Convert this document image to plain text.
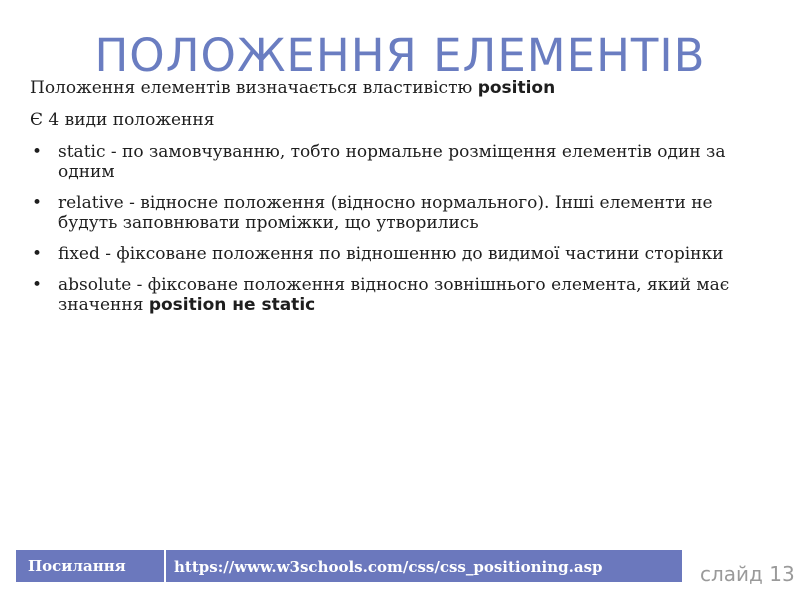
ПОЛОЖЕННЯ ЕЛЕМЕНТІВ

Положення елементів визначається властивістю position

Є 4 види положення

• static - по замовчуванню, тобто нормальне розміщення елементів один за одним
• relative - відносне положення (відносно нормального). Інші елементи не будуть заповнювати проміжки, що утворились
• fixed - фіксоване положення по відношенню до видимої частини сторінки
• absolute - фіксоване положення відносно зовнішнього елемента, який має значення position не static
Посилання	https://www.w3schools.com/css/css_positioning.asp	слайд 13
